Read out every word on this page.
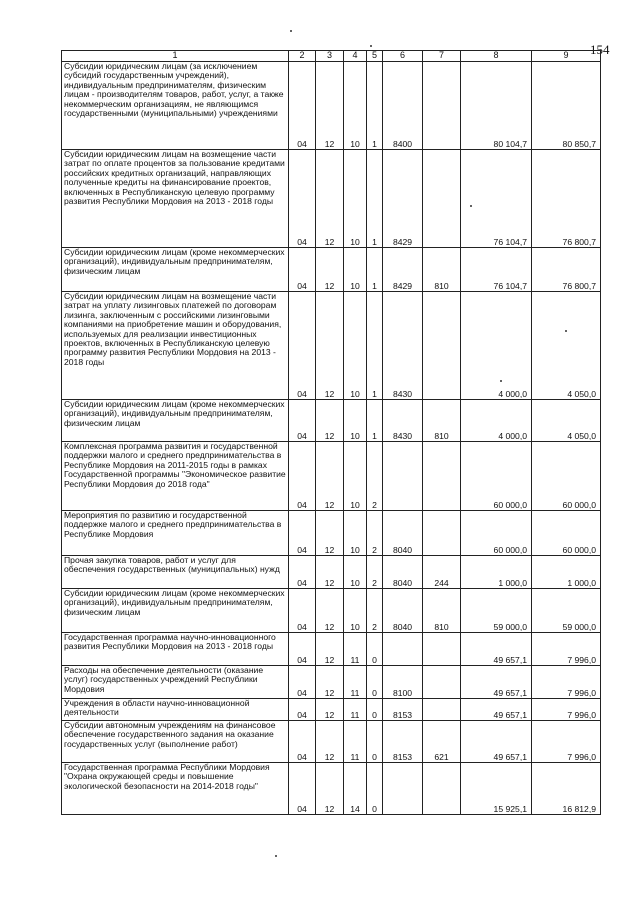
154
1	2	3	4	5	6	7	8	9
Субсидии юридическим лицам (за исключением субсидий государственным учреждений), индивидуальным предпринимателям, физическим лицам - производителям товаров, работ, услуг, а также некоммерческим организациям, не являющимся государственными (муниципальными) учреждениями	04	12	10	1	8400		80 104,7	80 850,7
Субсидии юридическим лицам на возмещение части затрат по оплате процентов за пользование кредитами российских кредитных организаций, направляющих полученные кредиты на финансирование проектов, включенных в Республиканскую целевую программу развития Республики Мордовия на 2013 - 2018 годы	04	12	10	1	8429		76 104,7	76 800,7
Субсидии юридическим лицам (кроме некоммерческих организаций), индивидуальным предпринимателям, физическим лицам	04	12	10	1	8429	810	76 104,7	76 800,7
Субсидии юридическим лицам на возмещение части затрат на уплату лизинговых платежей по договорам лизинга, заключенным с российскими лизинговыми компаниями на приобретение машин и оборудования, используемых для реализации инвестиционных проектов, включенных в Республиканскую целевую программу развития Республики Мордовия на 2013 - 2018 годы	04	12	10	1	8430		4 000,0	4 050,0
Субсидии юридическим лицам (кроме некоммерческих организаций), индивидуальным предпринимателям, физическим лицам	04	12	10	1	8430	810	4 000,0	4 050,0
Комплексная программа развития и государственной поддержки малого и среднего предпринимательства в Республике Мордовия на 2011-2015 годы в рамках Государственной программы "Экономическое развитие Республики Мордовия до 2018 года"	04	12	10	2			60 000,0	60 000,0
Мероприятия по развитию и государственной поддержке малого и среднего предпринимательства в Республике Мордовия	04	12	10	2	8040		60 000,0	60 000,0
Прочая закупка товаров, работ и услуг для обеспечения государственных (муниципальных) нужд	04	12	10	2	8040	244	1 000,0	1 000,0
Субсидии юридическим лицам (кроме некоммерческих организаций), индивидуальным предпринимателям, физическим лицам	04	12	10	2	8040	810	59 000,0	59 000,0
Государственная программа научно-инновационного развития Республики Мордовия на 2013 - 2018 годы	04	12	11	0			49 657,1	7 996,0
Расходы на обеспечение деятельности (оказание услуг) государственных учреждений Республики Мордовия	04	12	11	0	8100		49 657,1	7 996,0
Учреждения в области научно-инновационной деятельности	04	12	11	0	8153		49 657,1	7 996,0
Субсидии автономным учреждениям на финансовое обеспечение государственного задания на оказание государственных услуг (выполнение работ)	04	12	11	0	8153	621	49 657,1	7 996,0
Государственная программа Республики Мордовия "Охрана окружающей среды и повышение экологической безопасности на 2014-2018 годы"	04	12	14	0			15 925,1	16 812,9
